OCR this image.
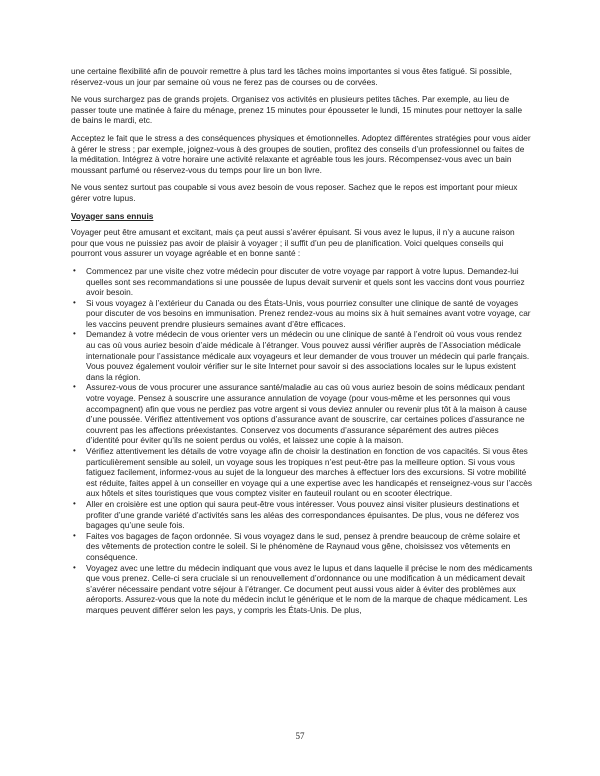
une certaine flexibilité afin de pouvoir remettre à plus tard les tâches moins importantes si vous êtes fatigué. Si possible, réservez-vous un jour par semaine où vous ne ferez pas de courses ou de corvées.

Ne vous surchargez pas de grands projets. Organisez vos activités en plusieurs petites tâches. Par exemple, au lieu de passer toute une matinée à faire du ménage, prenez 15 minutes pour épousseter le lundi, 15 minutes pour nettoyer la salle de bains le mardi, etc.

Acceptez le fait que le stress a des conséquences physiques et émotionnelles. Adoptez différentes stratégies pour vous aider à gérer le stress ; par exemple, joignez-vous à des groupes de soutien, profitez des conseils d’un professionnel ou faites de la méditation. Intégrez à votre horaire une activité relaxante et agréable tous les jours. Récompensez-vous avec un bain moussant parfumé ou réservez-vous du temps pour lire un bon livre.

Ne vous sentez surtout pas coupable si vous avez besoin de vous reposer. Sachez que le repos est important pour mieux gérer votre lupus.

Voyager sans ennuis

Voyager peut être amusant et excitant, mais ça peut aussi s’avérer épuisant. Si vous avez le lupus, il n’y a aucune raison pour que vous ne puissiez pas avoir de plaisir à voyager ; il suffit d’un peu de planification. Voici quelques conseils qui pourront vous assurer un voyage agréable et en bonne santé :

• Commencez par une visite chez votre médecin pour discuter de votre voyage par rapport à votre lupus. Demandez-lui quelles sont ses recommandations si une poussée de lupus devait survenir et quels sont les vaccins dont vous pourriez avoir besoin.
• Si vous voyagez à l’extérieur du Canada ou des États-Unis, vous pourriez consulter une clinique de santé de voyages pour discuter de vos besoins en immunisation. Prenez rendez-vous au moins six à huit semaines avant votre voyage, car les vaccins peuvent prendre plusieurs semaines avant d’être efficaces.
• Demandez à votre médecin de vous orienter vers un médecin ou une clinique de santé à l’endroit où vous vous rendez au cas où vous auriez besoin d’aide médicale à l’étranger. Vous pouvez aussi vérifier auprès de l’Association médicale internationale pour l’assistance médicale aux voyageurs et leur demander de vous trouver un médecin qui parle français. Vous pouvez également vouloir vérifier sur le site Internet pour savoir si des associations locales sur le lupus existent dans la région.
• Assurez-vous de vous procurer une assurance santé/maladie au cas où vous auriez besoin de soins médicaux pendant votre voyage. Pensez à souscrire une assurance annulation de voyage (pour vous-même et les personnes qui vous accompagnent) afin que vous ne perdiez pas votre argent si vous deviez annuler ou revenir plus tôt à la maison à cause d’une poussée. Vérifiez attentivement vos options d’assurance avant de souscrire, car certaines polices d’assurance ne couvrent pas les affections préexistantes. Conservez vos documents d’assurance séparément des autres pièces d’identité pour éviter qu’ils ne soient perdus ou volés, et laissez une copie à la maison.
• Vérifiez attentivement les détails de votre voyage afin de choisir la destination en fonction de vos capacités. Si vous êtes particulièrement sensible au soleil, un voyage sous les tropiques n’est peut-être pas la meilleure option. Si vous vous fatiguez facilement, informez-vous au sujet de la longueur des marches à effectuer lors des excursions. Si votre mobilité est réduite, faites appel à un conseiller en voyage qui a une expertise avec les handicapés et renseignez-vous sur l’accès aux hôtels et sites touristiques que vous comptez visiter en fauteuil roulant ou en scooter électrique.
• Aller en croisière est une option qui saura peut-être vous intéresser. Vous pouvez ainsi visiter plusieurs destinations et profiter d’une grande variété d’activités sans les aléas des correspondances épuisantes. De plus, vous ne déferez vos bagages qu’une seule fois.
• Faites vos bagages de façon ordonnée. Si vous voyagez dans le sud, pensez à prendre beaucoup de crème solaire et des vêtements de protection contre le soleil. Si le phénomène de Raynaud vous gêne, choisissez vos vêtements en conséquence.
• Voyagez avec une lettre du médecin indiquant que vous avez le lupus et dans laquelle il précise le nom des médicaments que vous prenez. Celle-ci sera cruciale si un renouvellement d’ordonnance ou une modification à un médicament devait s’avérer nécessaire pendant votre séjour à l’étranger. Ce document peut aussi vous aider à éviter des problèmes aux aéroports. Assurez-vous que la note du médecin inclut le générique et le nom de la marque de chaque médicament. Les marques peuvent différer selon les pays, y compris les États-Unis. De plus,
57
